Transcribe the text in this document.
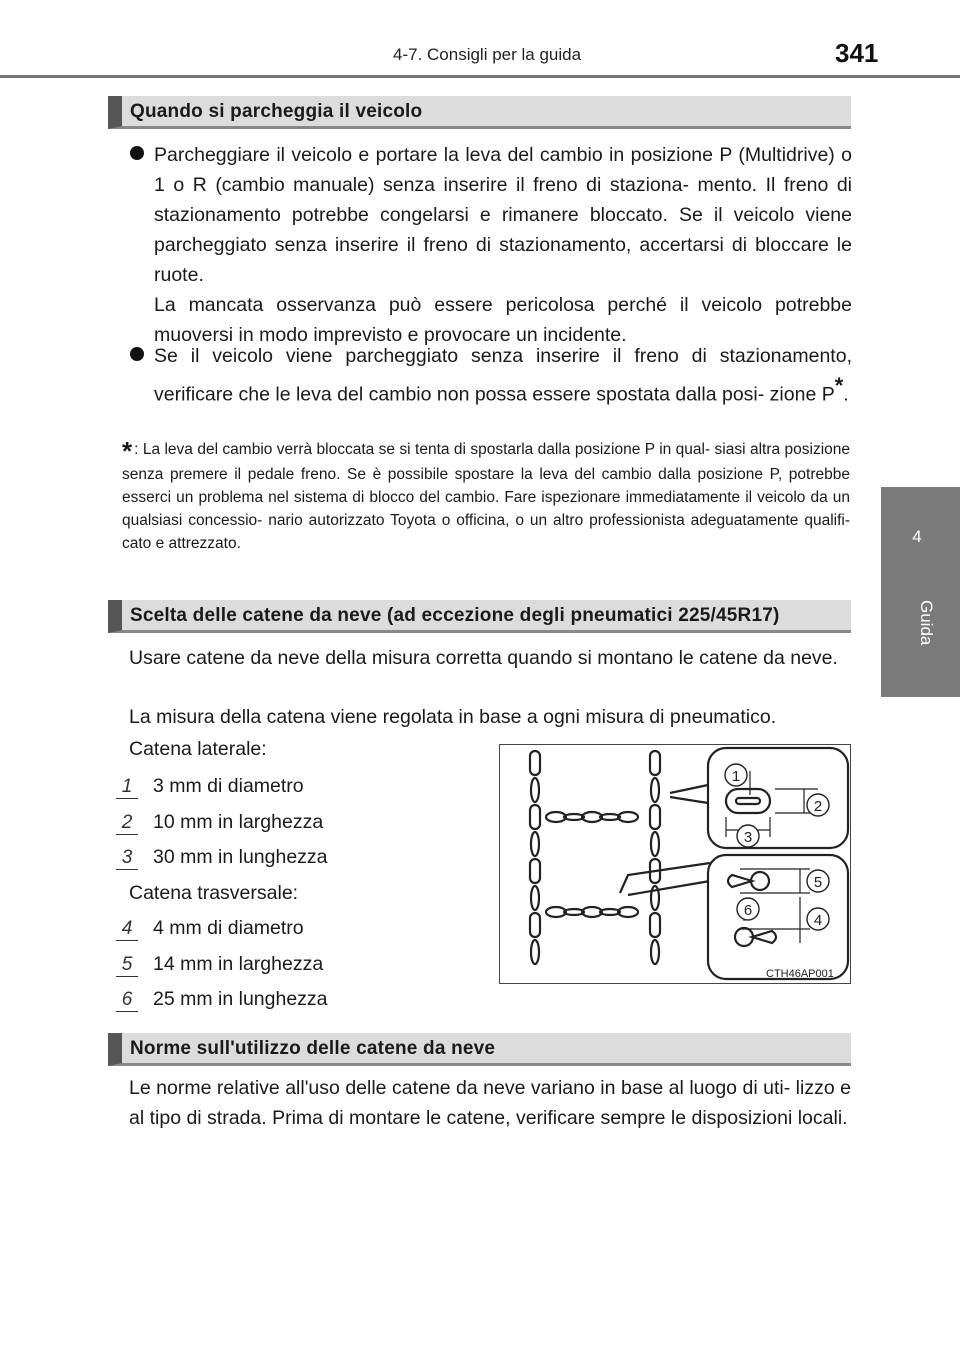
4-7. Consigli per la guida	341
4
Guida
Quando si parcheggia il veicolo
Parcheggiare il veicolo e portare la leva del cambio in posizione P (Multidrive) o 1 o R (cambio manuale) senza inserire il freno di staziona- mento. Il freno di stazionamento potrebbe congelarsi e rimanere bloccato. Se il veicolo viene parcheggiato senza inserire il freno di stazionamento, accertarsi di bloccare le ruote.
La mancata osservanza può essere pericolosa perché il veicolo potrebbe muoversi in modo imprevisto e provocare un incidente.
Se il veicolo viene parcheggiato senza inserire il freno di stazionamento, verificare che le leva del cambio non possa essere spostata dalla posi- zione P*.
* : La leva del cambio verrà bloccata se si tenta di spostarla dalla posizione P in qual- siasi altra posizione senza premere il pedale freno. Se è possibile spostare la leva del cambio dalla posizione P, potrebbe esserci un problema nel sistema di blocco del cambio. Fare ispezionare immediatamente il veicolo da un qualsiasi concessio- nario autorizzato Toyota o officina, o un altro professionista adeguatamente qualifi- cato e attrezzato.
Scelta delle catene da neve (ad eccezione degli pneumatici 225/45R17)
Usare catene da neve della misura corretta quando si montano le catene da neve.
La misura della catena viene regolata in base a ogni misura di pneumatico.
Catena laterale:
1 3 mm di diametro
2 10 mm in larghezza
3 30 mm in lunghezza
Catena trasversale:
4 4 mm di diametro
5 14 mm in larghezza
6 25 mm in lunghezza
1
2
3
4
5
6
CTH46AP001
Norme sull'utilizzo delle catene da neve
Le norme relative all'uso delle catene da neve variano in base al luogo di uti- lizzo e al tipo di strada. Prima di montare le catene, verificare sempre le disposizioni locali.
